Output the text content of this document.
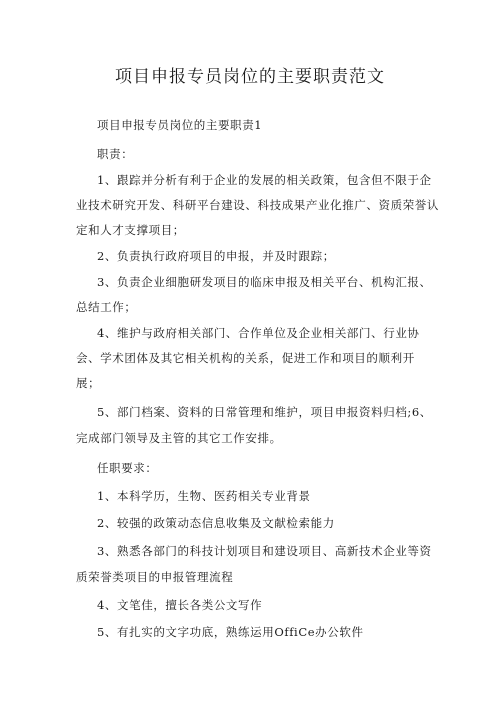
项目申报专员岗位的主要职责范文
项目申报专员岗位的主要职责1
职责：
1、跟踪并分析有利于企业的发展的相关政策，包含但不限于企
业技术研究开发、科研平台建设、科技成果产业化推广、资质荣誉认
定和人才支撑项目；
2、负责执行政府项目的申报，并及时跟踪；
3、负责企业细胞研发项目的临床申报及相关平台、机构汇报、
总结工作；
4、维护与政府相关部门、合作单位及企业相关部门、行业协
会、学术团体及其它相关机构的关系，促进工作和项目的顺利开
展；
5、部门档案、资料的日常管理和维护，项目申报资料归档;6、
完成部门领导及主管的其它工作安排。
任职要求：
1、本科学历，生物、医药相关专业背景
2、较强的政策动态信息收集及文献检索能力
3、熟悉各部门的科技计划项目和建设项目、高新技术企业等资
质荣誉类项目的申报管理流程
4、文笔佳，擅长各类公文写作
5、有扎实的文字功底，熟练运用OffiCe办公软件
